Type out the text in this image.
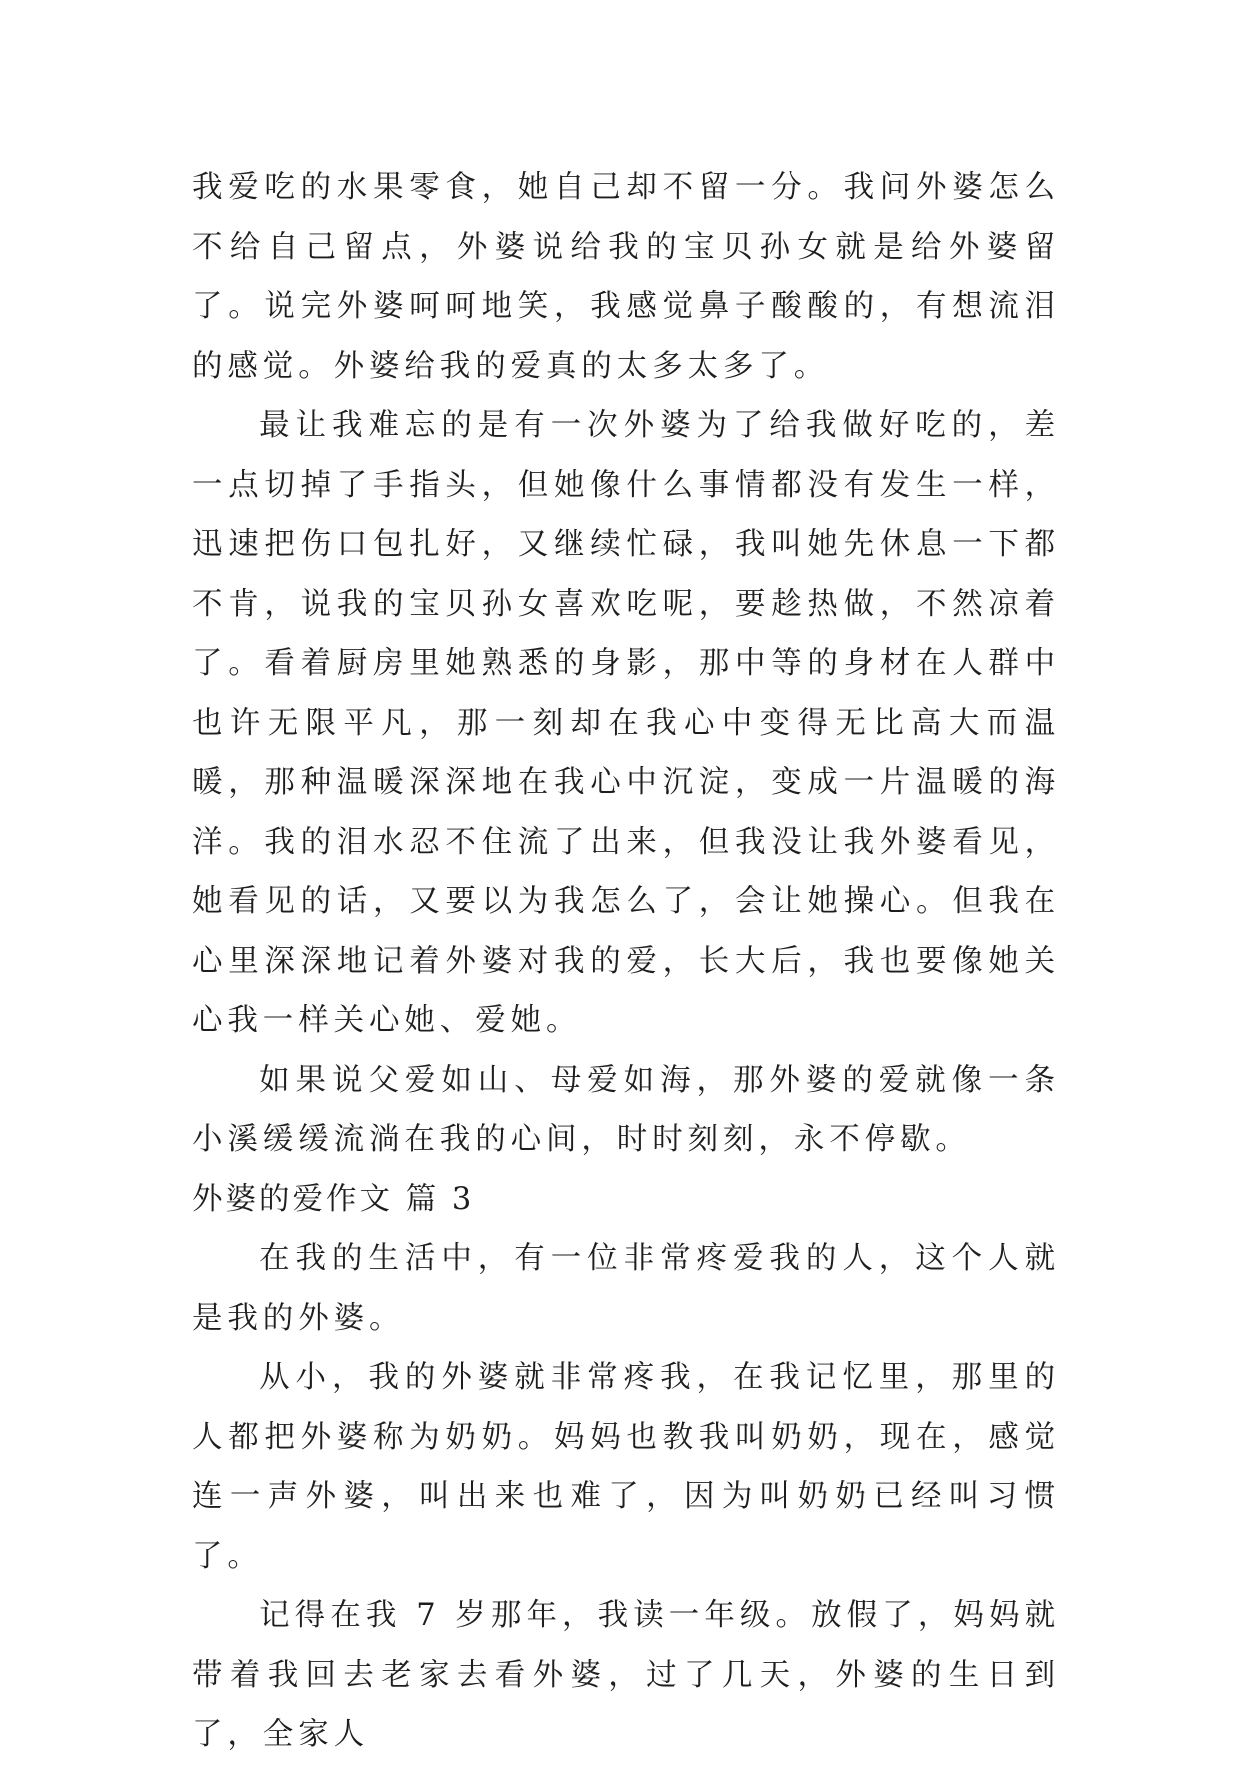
我爱吃的水果零食，她自己却不留一分。我问外婆怎么不给自己留点，外婆说给我的宝贝孙女就是给外婆留了。说完外婆呵呵地笑，我感觉鼻子酸酸的，有想流泪的感觉。外婆给我的爱真的太多太多了。

最让我难忘的是有一次外婆为了给我做好吃的，差一点切掉了手指头，但她像什么事情都没有发生一样，迅速把伤口包扎好，又继续忙碌，我叫她先休息一下都不肯，说我的宝贝孙女喜欢吃呢，要趁热做，不然凉着了。看着厨房里她熟悉的身影，那中等的身材在人群中也许无限平凡，那一刻却在我心中变得无比高大而温暖，那种温暖深深地在我心中沉淀，变成一片温暖的海洋。我的泪水忍不住流了出来，但我没让我外婆看见，她看见的话，又要以为我怎么了，会让她操心。但我在心里深深地记着外婆对我的爱，长大后，我也要像她关心我一样关心她、爱她。

如果说父爱如山、母爱如海，那外婆的爱就像一条小溪缓缓流淌在我的心间，时时刻刻，永不停歇。

外婆的爱作文 篇 3

在我的生活中，有一位非常疼爱我的人，这个人就是我的外婆。

从小，我的外婆就非常疼我，在我记忆里，那里的人都把外婆称为奶奶。妈妈也教我叫奶奶，现在，感觉连一声外婆，叫出来也难了，因为叫奶奶已经叫习惯了。

记得在我 7 岁那年，我读一年级。放假了，妈妈就带着我回去老家去看外婆，过了几天，外婆的生日到了，全家人
